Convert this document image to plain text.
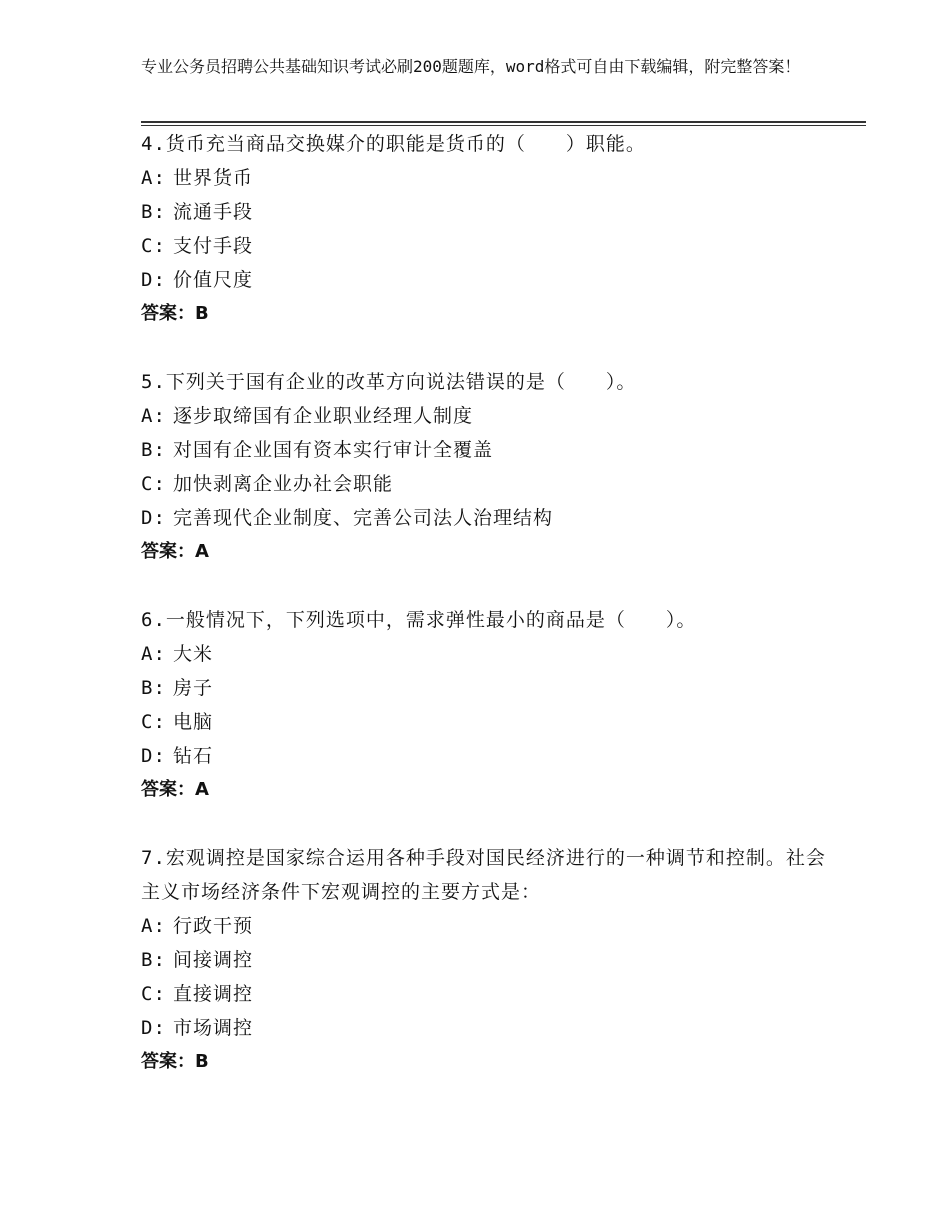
专业公务员招聘公共基础知识考试必刷200题题库，word格式可自由下载编辑，附完整答案！
4.货币充当商品交换媒介的职能是货币的（　　）职能。
A: 世界货币
B: 流通手段
C: 支付手段
D: 价值尺度
答案：B
5.下列关于国有企业的改革方向说法错误的是（　　）。
A: 逐步取缔国有企业职业经理人制度
B: 对国有企业国有资本实行审计全覆盖
C: 加快剥离企业办社会职能
D: 完善现代企业制度、完善公司法人治理结构
答案：A
6.一般情况下，下列选项中，需求弹性最小的商品是（　　）。
A: 大米
B: 房子
C: 电脑
D: 钻石
答案：A
7.宏观调控是国家综合运用各种手段对国民经济进行的一种调节和控制。社会主义市场经济条件下宏观调控的主要方式是：
A: 行政干预
B: 间接调控
C: 直接调控
D: 市场调控
答案：B
